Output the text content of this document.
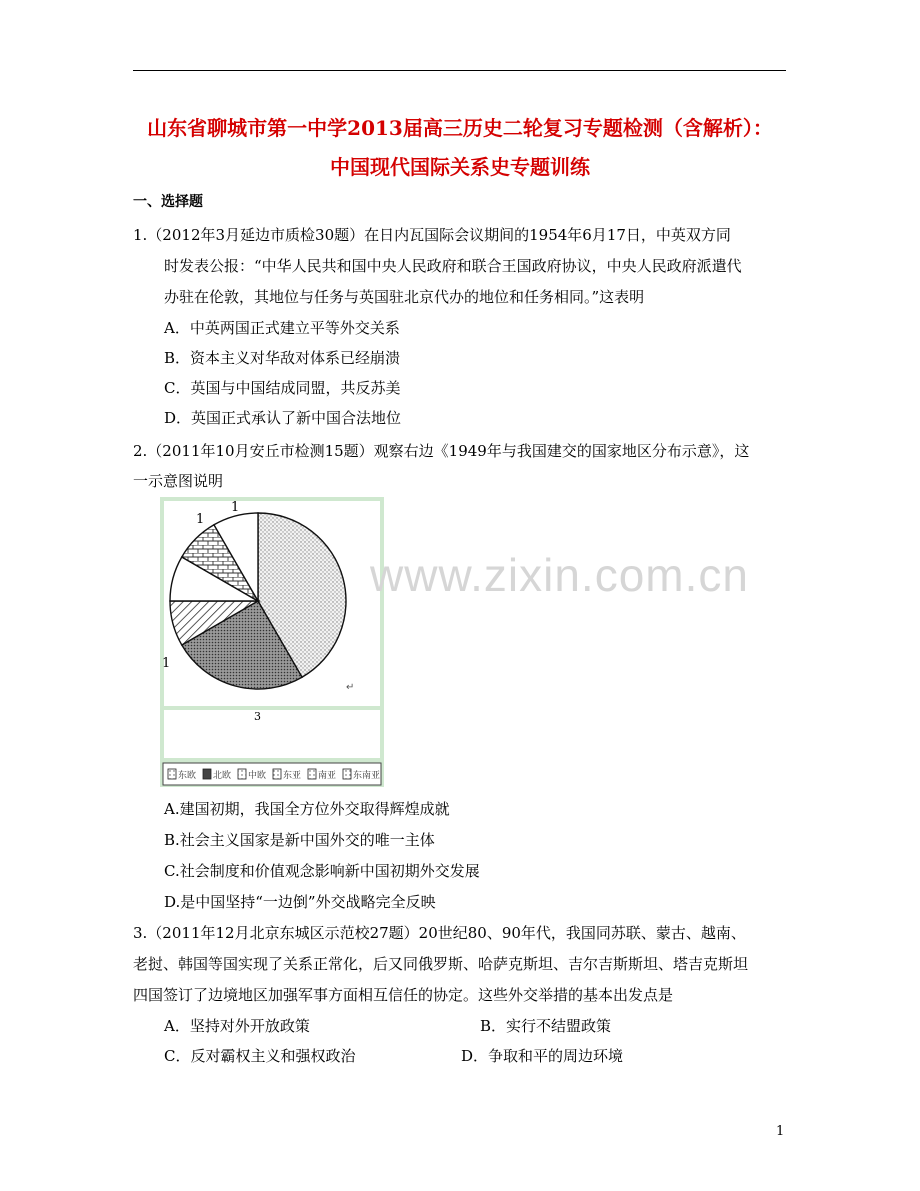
山东省聊城市第一中学2013届高三历史二轮复习专题检测（含解析）：
中国现代国际关系史专题训练
一、选择题
1.（2012年3月延边市质检30题）在日内瓦国际会议期间的1954年6月17日，中英双方同
时发表公报：“中华人民共和国中央人民政府和联合王国政府协议，中央人民政府派遣代
办驻在伦敦，其地位与任务与英国驻北京代办的地位和任务相同。”这表明
A．中英两国正式建立平等外交关系
B．资本主义对华敌对体系已经崩溃
C．英国与中国结成同盟，共反苏美
D．英国正式承认了新中国合法地位
2.（2011年10月安丘市检测15题）观察右边《1949年与我国建交的国家地区分布示意》，这
一示意图说明
1
1
1
3
↵
东欧 北欧 中欧 东亚 南亚 东南亚
A.建国初期，我国全方位外交取得辉煌成就
B.社会主义国家是新中国外交的唯一主体
C.社会制度和价值观念影响新中国初期外交发展
D.是中国坚持“一边倒”外交战略完全反映
3.（2011年12月北京东城区示范校27题）20世纪80、90年代，我国同苏联、蒙古、越南、
老挝、韩国等国实现了关系正常化，后又同俄罗斯、哈萨克斯坦、吉尔吉斯斯坦、塔吉克斯坦
四国签订了边境地区加强军事方面相互信任的协定。这些外交举措的基本出发点是
A．坚持对外开放政策	B．实行不结盟政策
C．反对霸权主义和强权政治	D．争取和平的周边环境
www.zixin.com.cn
1
